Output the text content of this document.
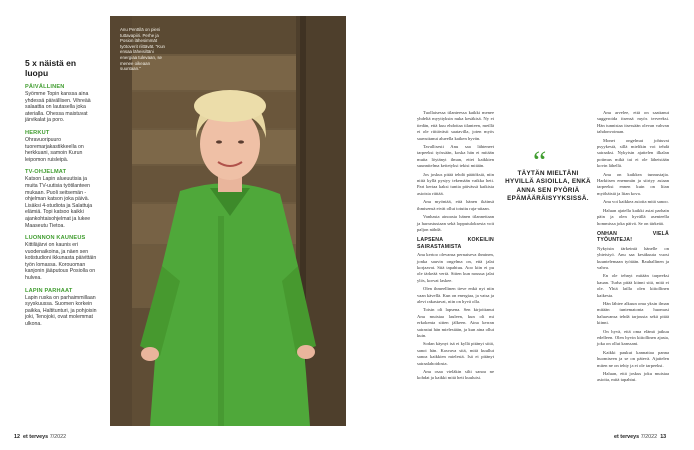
5 x näistä en luopu
PÄIVÄLLINEN
Syömme Topin kanssa aina yhdessä päivällisen. Vihreää salaattia on lautasella joka aterialla. Ohessa maistuvat järvikalat ja poro.
HERKUT
Ohravuoripuuro tuoremarjakastikkeella on herkkuani, samoin Kurun leipomon ruisleipä.
TV-OHJELMAT
Katson Lapin alueuutisia ja muita TV-uutisia työtilanteen mukaan. Puoli seitsemän -ohjelman katson joka päivä. Lisäksi 4-studiota ja Salattuja elämiä. Topi katsoo kaikki ajankohtaisohjelmat ja lukee Maaseutu Tietoa.
LUONNON KAUNEUS
Kittiläjärvi on kaunis eri vuodenaikoina, ja näen sen kotistudioni ikkunasta päivittäin työn lomassa. Korouoman kanjonin jääputous Posiolla on hulvea.
LAPIN PARHAAT
Lapin ruska on parhaimmillaan syyskuussa. Suomen korkein paikka, Haltitunturi, ja pohjoisin joki, Tenojoki, ovat molemmat ulkona.
Anu Penttilä on pieni tuttavapiiri. Perhe ja Posion lähesimmät työtoverit riittävät. "Kun ensaa läheisiltäni energiaa tulevaan, se menee oikeaan suuntaan."

Tuollaisessa tilanteessa kaikki menee yhdeltä myyttyksin nuka kesäkisä. Ny ei tiedän, että kuu ehdottaa tilanteen, meillä ei ole riittävästi saatavilla, joten myös saavuttanut alueella kaiken hyvän.

Tavallisesti Anu saa lähteneet tarpeeksi työssään, koska hän ei mitään muita löytänyt ilman, ettei kaikkien suunnitelma keitetyksi tekisi mitään.

Jos joskus pitää tehdä päätöksiä, niin niitä kyllä pystyy tekemään vaikka heti. Pari kertaa kaksi tuntia päivässä kaikista asioista riittää.

Anu myöntää, että hänen ikäinsä ihmisensä eivät ollut totuttu raja-aitaan.

Vanhasta ainoasta hänen tilannettaan ja harrastustaan sekä lopputuloksesta voit paljon nähdä.

LAPSENA KOKEILIN SAIRASTAMISTA

Anu kertoo olevansa pernaiseva ihminen, jonka sauvin ongelma on, että jalat korjaavat. Sitä tapahtuu. Aoo kiin ei pu ole tärkeää vertä. Sitten kun nousua jalat ylös, korvat laskee.

Olen ihmeellinen tieve enkä nyt niin vaan kävellä. Kun on energiaa, ja vatsa ja alevi rakastavat, niin on hyvä olla.

Toisin oli lapsena. Sen kirjoittanut Anu muistaa lauleen, kun oli mi erkokenta sitten jälkeen. Aina kerran sairastui hän mielestään, ja kun aina ollut kuin.

Sodan käynyt isä ei kyllä pitänyt siitä, sanoi hän. Kasvava sitä, mitä kuullut sanoa kaikkien mielestä. Isä ei pitänyt sairaalahoidosta.

Anu osaa vieläkin silti sanoa ne kohdat ja kaikki mitä heti kuuluisi.

“
TÄYTÄN MIELTÄNI HYVILLÄ ASIOILLA, ENKÄ ANNA SEN PYÖRIÄ EPÄMÄÄRÄISYYKSISSÄ.

Anu arvelee, että on saattanut suggeroida itsensä myös terveeksi. Hän tunnistaa itsessään olevan vahvan tahdonvoiman.

Monet ongelmat johtuvat psyykestä, sillä mielikin voi tehdä sairaaksi. Nykyisin ajattelen ilkalan potimus mikä tai ei ole läheistään kovin lähellä.

Anu on kaikkea tunnustajia. Harkitsen enemmän ja siirtyy asiaan tarpeeksi ennen kuin on liian myöhäistä ja liian kova.

Anu voi kaikkea asioita mitä sanoo.

Haluan ajatella kaikki asiat parhain päin ja olen hyvällä asenteella hommissa joka päivä. Se on tärkeää.

ONHAN VIELÄ TYÖUNTEJA!

Nykyisin tärkeintä hänelle on yhteistyö. Anu saa kesäkuuta vuosi kuuntelemaan työtään. Rauhallinen ja vahva.

En ole tehnyt mitään tarpeeksi kauan. Turha pitää kiinni sitä, mitä ei ole. Yhtä lailla olen kiitollinen kaikesta.

Hän lähtee alkuun oma yksin ilman mitään tuntematonta huomasi haluavansa tehdä tarjousta sekä pitää kiinni.

On hyvä, että oma elämä jatkuu edelleen. Olen hyvin kiitollinen ajasta, joka on ollut kanssani.

Kaikki paukut kannattaa panna huomiseen ja se on pätevä. Ajattelen miten ne on tehty ja ei ole tarpeeksi.

Haluan, että joskus joku muistaa asioita, mitä tapahtui.

12 et terveys 7/2022	et terveys 7/2022 13
